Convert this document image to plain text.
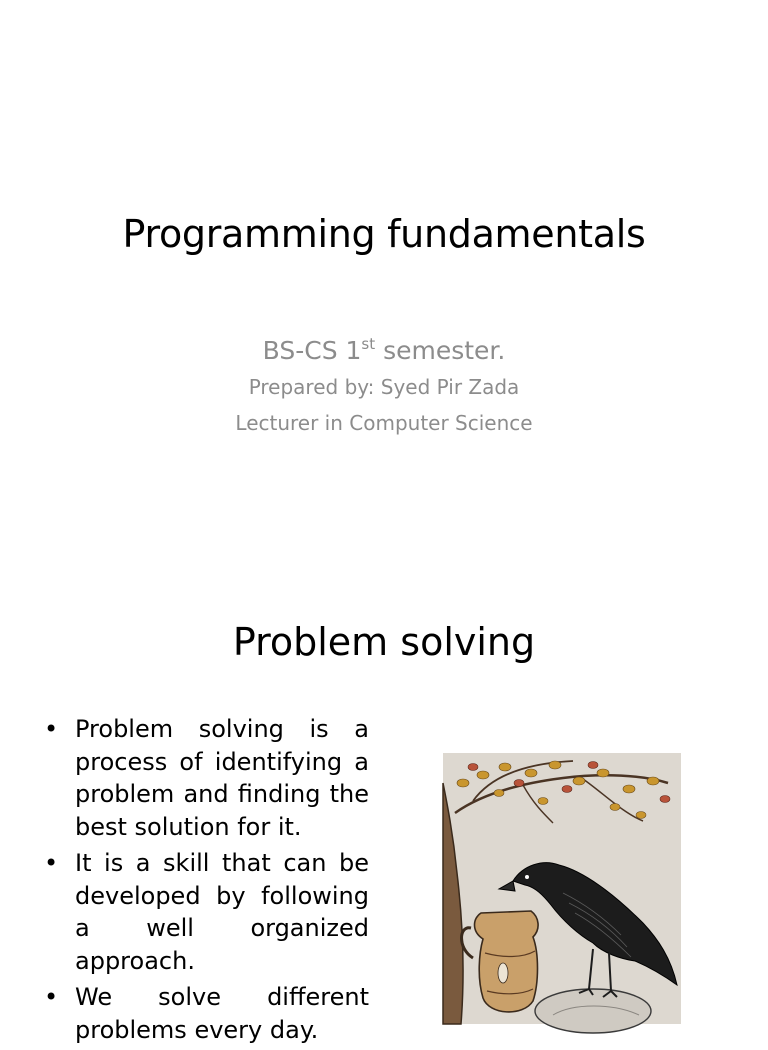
Programming fundamentals
BS-CS 1st semester.
Prepared by: Syed Pir Zada
Lecturer in Computer Science
Problem solving
• Problem solving is a process of identifying a problem and finding the best solution for it.
• It is a skill that can be developed by following a well organized approach.
• We solve different problems every day.
